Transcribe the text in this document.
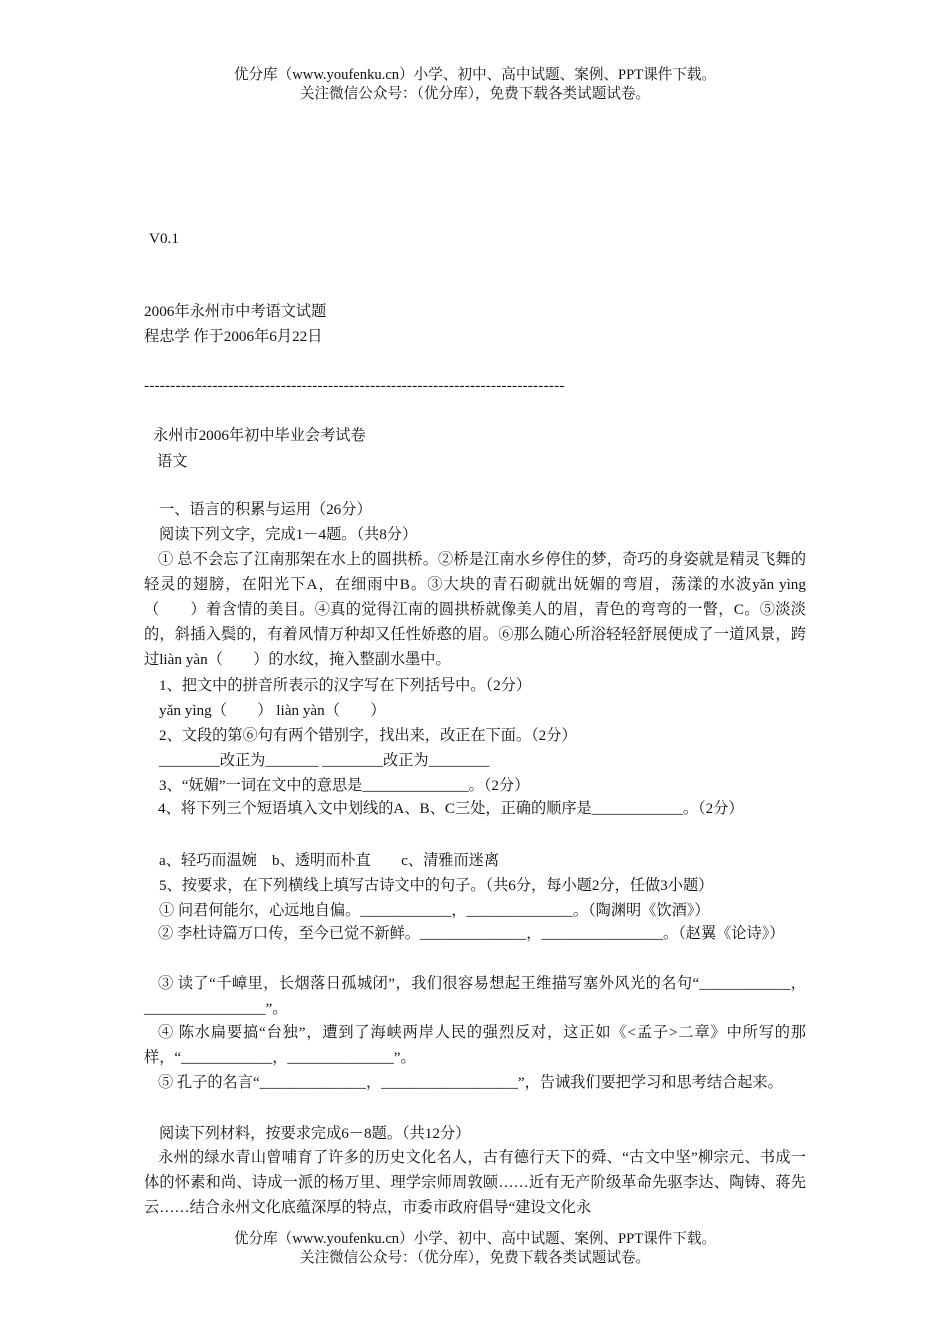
优分库（www.youfenku.cn）小学、初中、高中试题、案例、PPT课件下载。
关注微信公众号：（优分库），免费下载各类试题试卷。
V0.1
2006年永州市中考语文试题
程忠学 作于2006年6月22日
--------------------------------------------------------------------------------
永州市2006年初中毕业会考试卷
语文
一、语言的积累与运用（26分）
阅读下列文字，完成1－4题。（共8分）
① 总不会忘了江南那架在水上的圆拱桥。②桥是江南水乡停住的梦，奇巧的身姿就是精灵飞舞的轻灵的翅膀，在阳光下A，在细雨中B。③大块的青石砌就出妩媚的弯眉，荡漾的水波yǎn yìng（　　）着含情的美目。④真的觉得江南的圆拱桥就像美人的眉，青色的弯弯的一瞥，C。⑤淡淡的，斜插入鬓的，有着风情万种却又任性娇憨的眉。⑥那么随心所浴轻轻舒展便成了一道风景，跨过liàn yàn（　　）的水纹，掩入整副水墨中。
1、把文中的拼音所表示的汉字写在下列括号中。（2分）
yǎn yìng（　　） liàn yàn（　　）
2、文段的第⑥句有两个错别字，找出来，改正在下面。（2分）
________改正为_______ ________改正为________
3、“妩媚”一词在文中的意思是______________。（2分）
4、将下列三个短语填入文中划线的A、B、C三处，正确的顺序是____________。（2分）
a、轻巧而温婉　b、透明而朴直　　c、清雅而迷离
5、按要求，在下列横线上填写古诗文中的句子。（共6分，每小题2分，任做3小题）
① 问君何能尔，心远地自偏。____________，______________。（陶渊明《饮酒》）
② 李杜诗篇万口传，至今已觉不新鲜。______________，________________。（赵翼《论诗》）
③ 读了“千嶂里，长烟落日孤城闭”，我们很容易想起王维描写塞外风光的名句“____________，________________”。
④ 陈水扁要搞“台独”，遭到了海峡两岸人民的强烈反对，这正如《<孟子>二章》中所写的那样，“____________，______________”。
⑤ 孔子的名言“______________，__________________”，告诫我们要把学习和思考结合起来。
阅读下列材料，按要求完成6－8题。（共12分）
永州的绿水青山曾哺育了许多的历史文化名人，古有德行天下的舜、“古文中坚”柳宗元、书成一体的怀素和尚、诗成一派的杨万里、理学宗师周敦颐……近有无产阶级革命先驱李达、陶铸、蒋先云……结合永州文化底蕴深厚的特点，市委市政府倡导“建设文化永
优分库（www.youfenku.cn）小学、初中、高中试题、案例、PPT课件下载。
关注微信公众号：（优分库），免费下载各类试题试卷。
